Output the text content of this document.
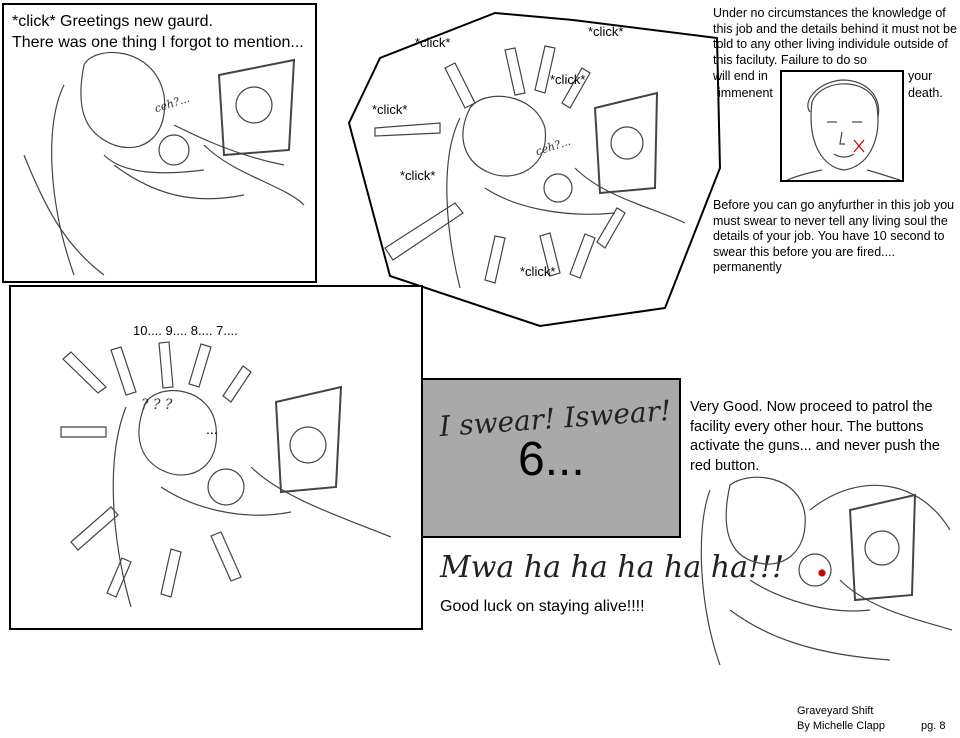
*click* Greetings new gaurd.
There was one thing I forgot to mention...
ceh?...
*click*
*click*
*click*
*click*
*click*
*click*
ceh?...
Under no circumstances the knowledge of this job and the details behind it must not be told to any other living individule outside of this faciluty. Failure to do so
will end in
immenent
your
death.
Before you can go anyfurther in this job you must swear to never tell any living soul the details of your job. You have 10 second to swear this before you are fired.... permanently
10.... 9.... 8.... 7....
...
? ? ?	I swear! Iswear!
6...
Mwa ha ha ha ha ha!!!
Good luck on staying alive!!!!
Very Good. Now proceed to patrol the facility every other hour. The buttons activate the guns... and never push the red button.
Graveyard Shift
By Michelle Clapp	pg. 8
